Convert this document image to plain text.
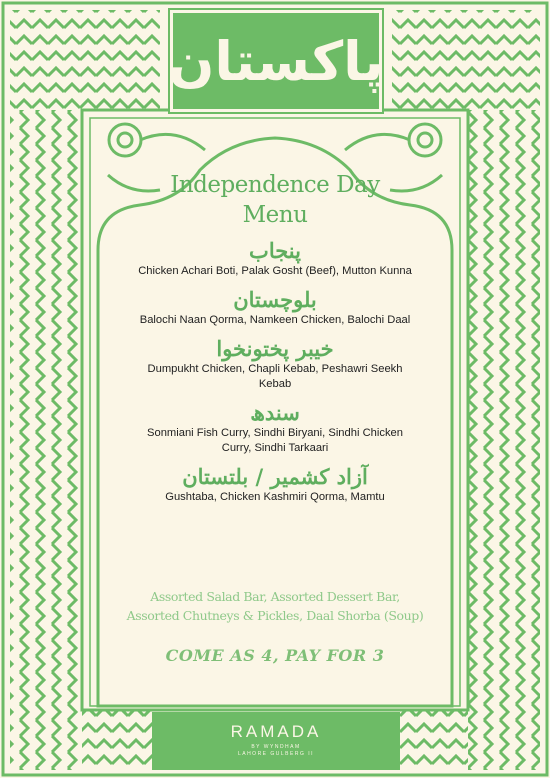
پاکستان
Independence Day
Menu
پنجاب
Chicken Achari Boti, Palak Gosht (Beef), Mutton Kunna
بلوچستان
Balochi Naan Qorma, Namkeen Chicken, Balochi Daal
خیبر پختونخوا
Dumpukht Chicken, Chapli Kebab, Peshawri Seekh Kebab
سندھ
Sonmiani Fish Curry, Sindhi Biryani, Sindhi Chicken Curry, Sindhi Tarkaari
آزاد کشمیر / بلتستان
Gushtaba, Chicken Kashmiri Qorma, Mamtu
Assorted Salad Bar, Assorted Dessert Bar,
Assorted Chutneys & Pickles, Daal Shorba (Soup)
COME AS 4, PAY FOR 3
RAMADA
BY WYNDHAM
LAHORE GULBERG II
